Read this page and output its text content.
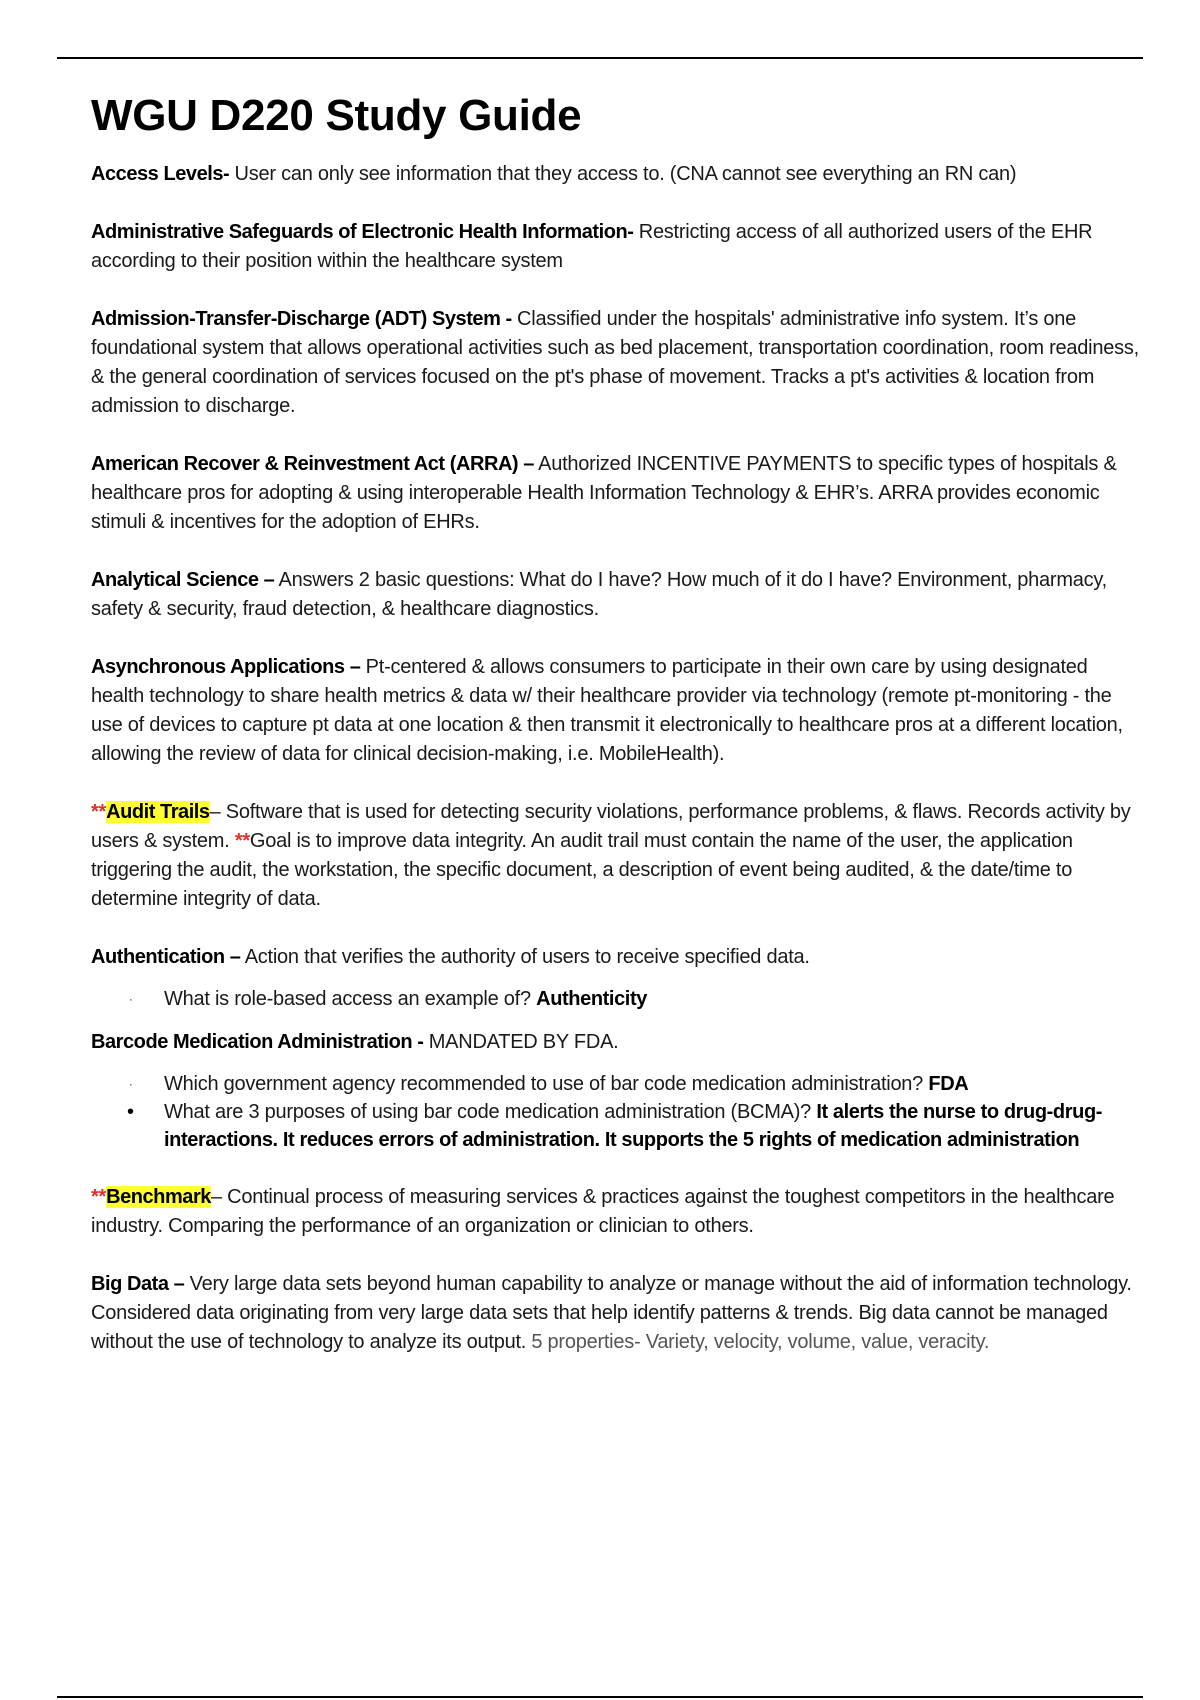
WGU D220 Study Guide

Access Levels- User can only see information that they access to. (CNA cannot see everything an RN can)

Administrative Safeguards of Electronic Health Information- Restricting access of all authorized users of the EHR according to their position within the healthcare system

Admission-Transfer-Discharge (ADT) System - Classified under the hospitals' administrative info system. It’s one foundational system that allows operational activities such as bed placement, transportation coordination, room readiness, & the general coordination of services focused on the pt's phase of movement. Tracks a pt's activities & location from admission to discharge.

American Recover & Reinvestment Act (ARRA) – Authorized INCENTIVE PAYMENTS to specific types of hospitals & healthcare pros for adopting & using interoperable Health Information Technology & EHR’s. ARRA provides economic stimuli & incentives for the adoption of EHRs.

Analytical Science – Answers 2 basic questions: What do I have? How much of it do I have? Environment, pharmacy, safety & security, fraud detection, & healthcare diagnostics.

Asynchronous Applications – Pt-centered & allows consumers to participate in their own care by using designated health technology to share health metrics & data w/ their healthcare provider via technology (remote pt-monitoring - the use of devices to capture pt data at one location & then transmit it electronically to healthcare pros at a different location, allowing the review of data for clinical decision-making, i.e. MobileHealth).

**Audit Trails– Software that is used for detecting security violations, performance problems, & flaws. Records activity by users & system. **Goal is to improve data integrity. An audit trail must contain the name of the user, the application triggering the audit, the workstation, the specific document, a description of event being audited, & the date/time to determine integrity of data.

Authentication – Action that verifies the authority of users to receive specified data.

· What is role-based access an example of? Authenticity

Barcode Medication Administration - MANDATED BY FDA.

· Which government agency recommended to use of bar code medication administration? FDA
• What are 3 purposes of using bar code medication administration (BCMA)? It alerts the nurse to drug-drug-interactions. It reduces errors of administration. It supports the 5 rights of medication administration

**Benchmark– Continual process of measuring services & practices against the toughest competitors in the healthcare industry. Comparing the performance of an organization or clinician to others.

Big Data – Very large data sets beyond human capability to analyze or manage without the aid of information technology. Considered data originating from very large data sets that help identify patterns & trends. Big data cannot be managed without the use of technology to analyze its output. 5 properties- Variety, velocity, volume, value, veracity.
